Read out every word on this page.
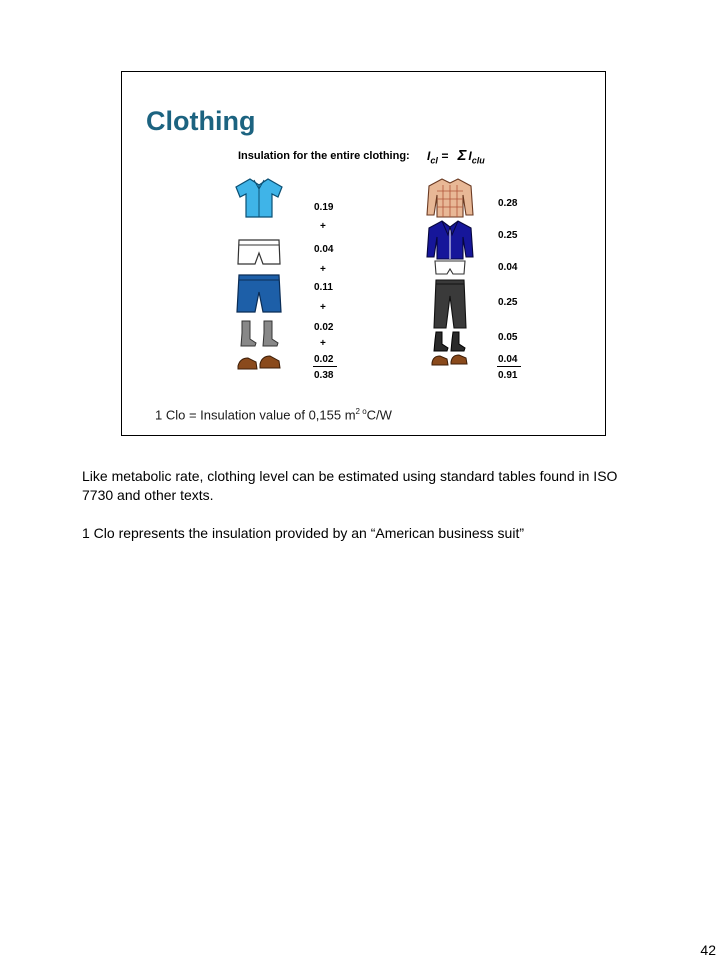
Clothing
Insulation for the entire clothing: $I_{cl} = \Sigma$ $I_{clu}$
0.19
+
0.04
+
0.11
+
0.02
+
0.02
0.38
0.28
0.25
0.04
0.25
0.05
0.04
0.91
1 Clo = Insulation value of 0,155 $m^{2 o}C/W$

Like metabolic rate, clothing level can be estimated using standard tables found in ISO 7730 and other texts.

1 Clo represents the insulation provided by an “American business suit”

42
